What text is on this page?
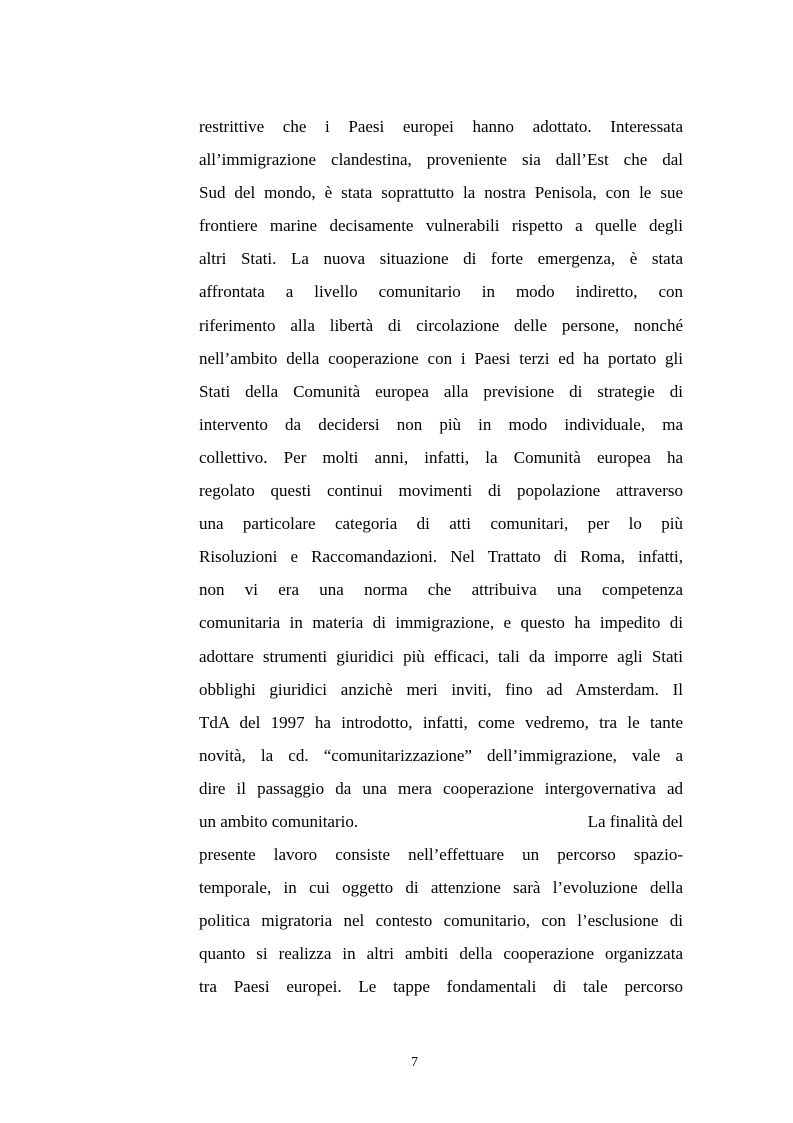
restrittive che i Paesi europei hanno adottato. Interessata
all’immigrazione clandestina, proveniente sia dall’Est che dal
Sud del mondo, è stata soprattutto la nostra Penisola, con le sue
frontiere marine decisamente vulnerabili rispetto a quelle degli
altri Stati. La nuova situazione di forte emergenza, è stata
affrontata a livello comunitario in modo indiretto, con
riferimento alla libertà di circolazione delle persone, nonché
nell’ambito della cooperazione con i Paesi terzi ed ha portato gli
Stati della Comunità europea alla previsione di strategie di
intervento da decidersi non più in modo individuale, ma
collettivo. Per molti anni, infatti, la Comunità europea ha
regolato questi continui movimenti di popolazione attraverso
una particolare categoria di atti comunitari, per lo più
Risoluzioni e Raccomandazioni. Nel Trattato di Roma, infatti,
non vi era una norma che attribuiva una competenza
comunitaria in materia di immigrazione, e questo ha impedito di
adottare strumenti giuridici più efficaci, tali da imporre agli Stati
obblighi giuridici anzichè meri inviti, fino ad Amsterdam. Il
TdA del 1997 ha introdotto, infatti, come vedremo, tra le tante
novità, la cd. “comunitarizzazione” dell’immigrazione, vale a
dire il passaggio da una mera cooperazione intergovernativa ad
un ambito comunitario.	La finalità del
presente lavoro consiste nell’effettuare un percorso spazio-
temporale, in cui oggetto di attenzione sarà l’evoluzione della
politica migratoria nel contesto comunitario, con l’esclusione di
quanto si realizza in altri ambiti della cooperazione organizzata
tra Paesi europei. Le tappe fondamentali di tale percorso
7
